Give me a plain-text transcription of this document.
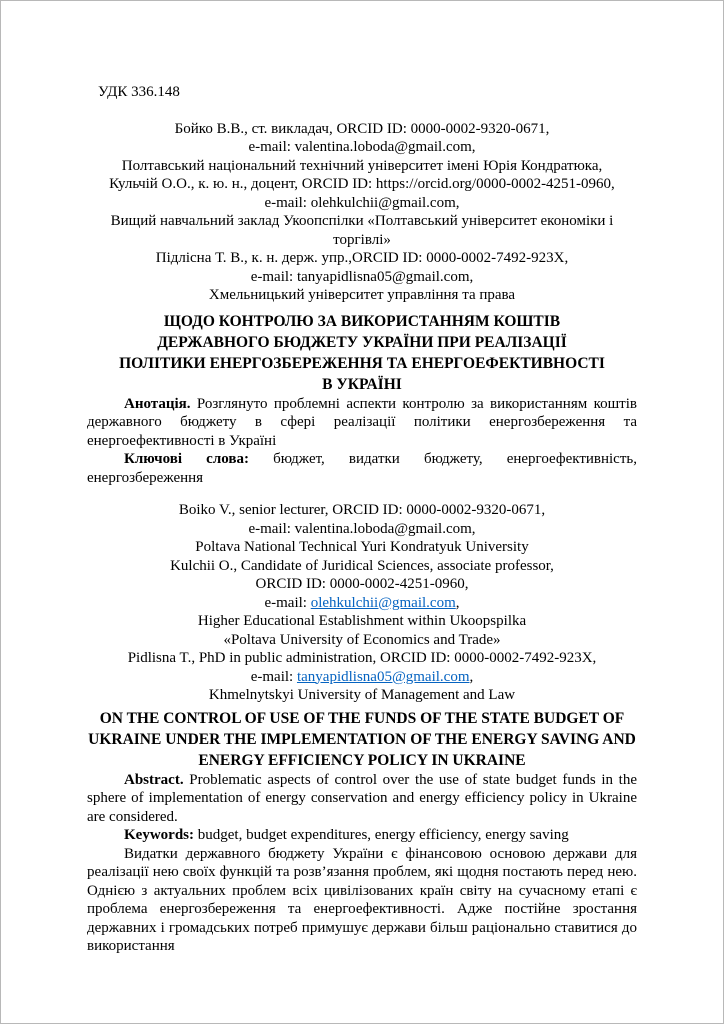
УДК 336.148
Бойко В.В., ст. викладач, ORCID ID: 0000-0002-9320-0671,
e-mail: valentina.loboda@gmail.com,
Полтавський національний технічний університет імені Юрія Кондратюка,
Кульчій О.О., к. ю. н., доцент, ORCID ID: https://orcid.org/0000-0002-4251-0960,
e-mail: olehkulchii@gmail.com,
Вищий навчальний заклад Укоопспілки «Полтавський університет економіки і торгівлі»
Підлісна Т. В., к. н. держ. упр.,ORCID ID: 0000-0002-7492-923X,
e-mail: tanyapidlisna05@gmail.com,
Хмельницький університет управління та права
ЩОДО КОНТРОЛЮ ЗА ВИКОРИСТАННЯМ КОШТІВ
ДЕРЖАВНОГО БЮДЖЕТУ УКРАЇНИ ПРИ РЕАЛІЗАЦІЇ
ПОЛІТИКИ ЕНЕРГОЗБЕРЕЖЕННЯ ТА ЕНЕРГОЕФЕКТИВНОСТІ
В УКРАЇНІ

Анотація. Розглянуто проблемні аспекти контролю за використанням коштів державного бюджету в сфері реалізації політики енергозбереження та енергоефективності в Україні

Ключові слова: бюджет, видатки бюджету, енергоефективність, енергозбереження

Boiko V., senior lecturer, ORCID ID: 0000-0002-9320-0671,
e-mail: valentina.loboda@gmail.com,
Poltava National Technical Yuri Kondratyuk University
Kulchii O., Candidate of Juridical Sciences, associate professor,
ORCID ID: 0000-0002-4251-0960,
e-mail: olehkulchii@gmail.com,
Higher Educational Establishment within Ukoopspilka
«Poltava University of Economics and Trade»
Pidlisna T., PhD in public administration, ORCID ID: 0000-0002-7492-923X,
e-mail: tanyapidlisna05@gmail.com,
Khmelnytskyi University of Management and Law
ON THE CONTROL OF USE OF THE FUNDS OF THE STATE BUDGET OF
UKRAINE UNDER THE IMPLEMENTATION OF THE ENERGY SAVING AND
ENERGY EFFICIENCY POLICY IN UKRAINE

Abstract. Problematic aspects of control over the use of state budget funds in the sphere of implementation of energy conservation and energy efficiency policy in Ukraine are considered.

Keywords: budget, budget expenditures, energy efficiency, energy saving

Видатки державного бюджету України є фінансовою основою держави для реалізації нею своїх функцій та розв’язання проблем, які щодня постають перед нею. Однією з актуальних проблем всіх цивілізованих країн світу на сучасному етапі є проблема енергозбереження та енергоефективності. Адже постійне зростання державних і громадських потреб примушує держави більш раціонально ставитися до використання
